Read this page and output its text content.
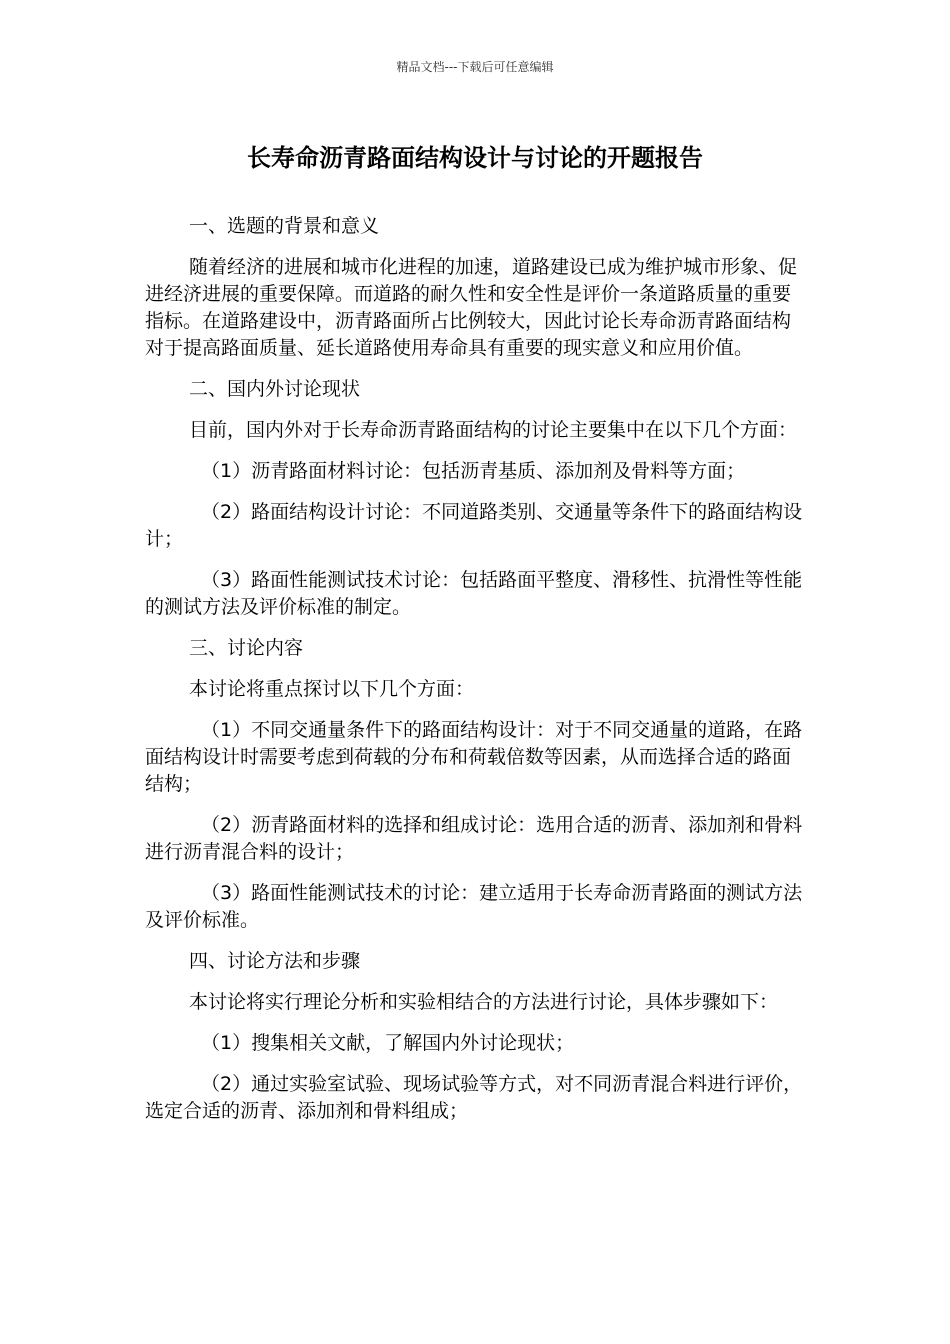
精品文档---下载后可任意编辑
长寿命沥青路面结构设计与讨论的开题报告

一、选题的背景和意义

随着经济的进展和城市化进程的加速，道路建设已成为维护城市形象、促进经济进展的重要保障。而道路的耐久性和安全性是评价一条道路质量的重要指标。在道路建设中，沥青路面所占比例较大，因此讨论长寿命沥青路面结构对于提高路面质量、延长道路使用寿命具有重要的现实意义和应用价值。

二、国内外讨论现状

目前，国内外对于长寿命沥青路面结构的讨论主要集中在以下几个方面：

（1）沥青路面材料讨论：包括沥青基质、添加剂及骨料等方面；

（2）路面结构设计讨论：不同道路类别、交通量等条件下的路面结构设计；

（3）路面性能测试技术讨论：包括路面平整度、滑移性、抗滑性等性能的测试方法及评价标准的制定。

三、讨论内容

本讨论将重点探讨以下几个方面：

（1）不同交通量条件下的路面结构设计：对于不同交通量的道路，在路面结构设计时需要考虑到荷载的分布和荷载倍数等因素，从而选择合适的路面结构；

（2）沥青路面材料的选择和组成讨论：选用合适的沥青、添加剂和骨料进行沥青混合料的设计；

（3）路面性能测试技术的讨论：建立适用于长寿命沥青路面的测试方法及评价标准。

四、讨论方法和步骤

本讨论将实行理论分析和实验相结合的方法进行讨论，具体步骤如下：

（1）搜集相关文献，了解国内外讨论现状；

（2）通过实验室试验、现场试验等方式，对不同沥青混合料进行评价，选定合适的沥青、添加剂和骨料组成；
